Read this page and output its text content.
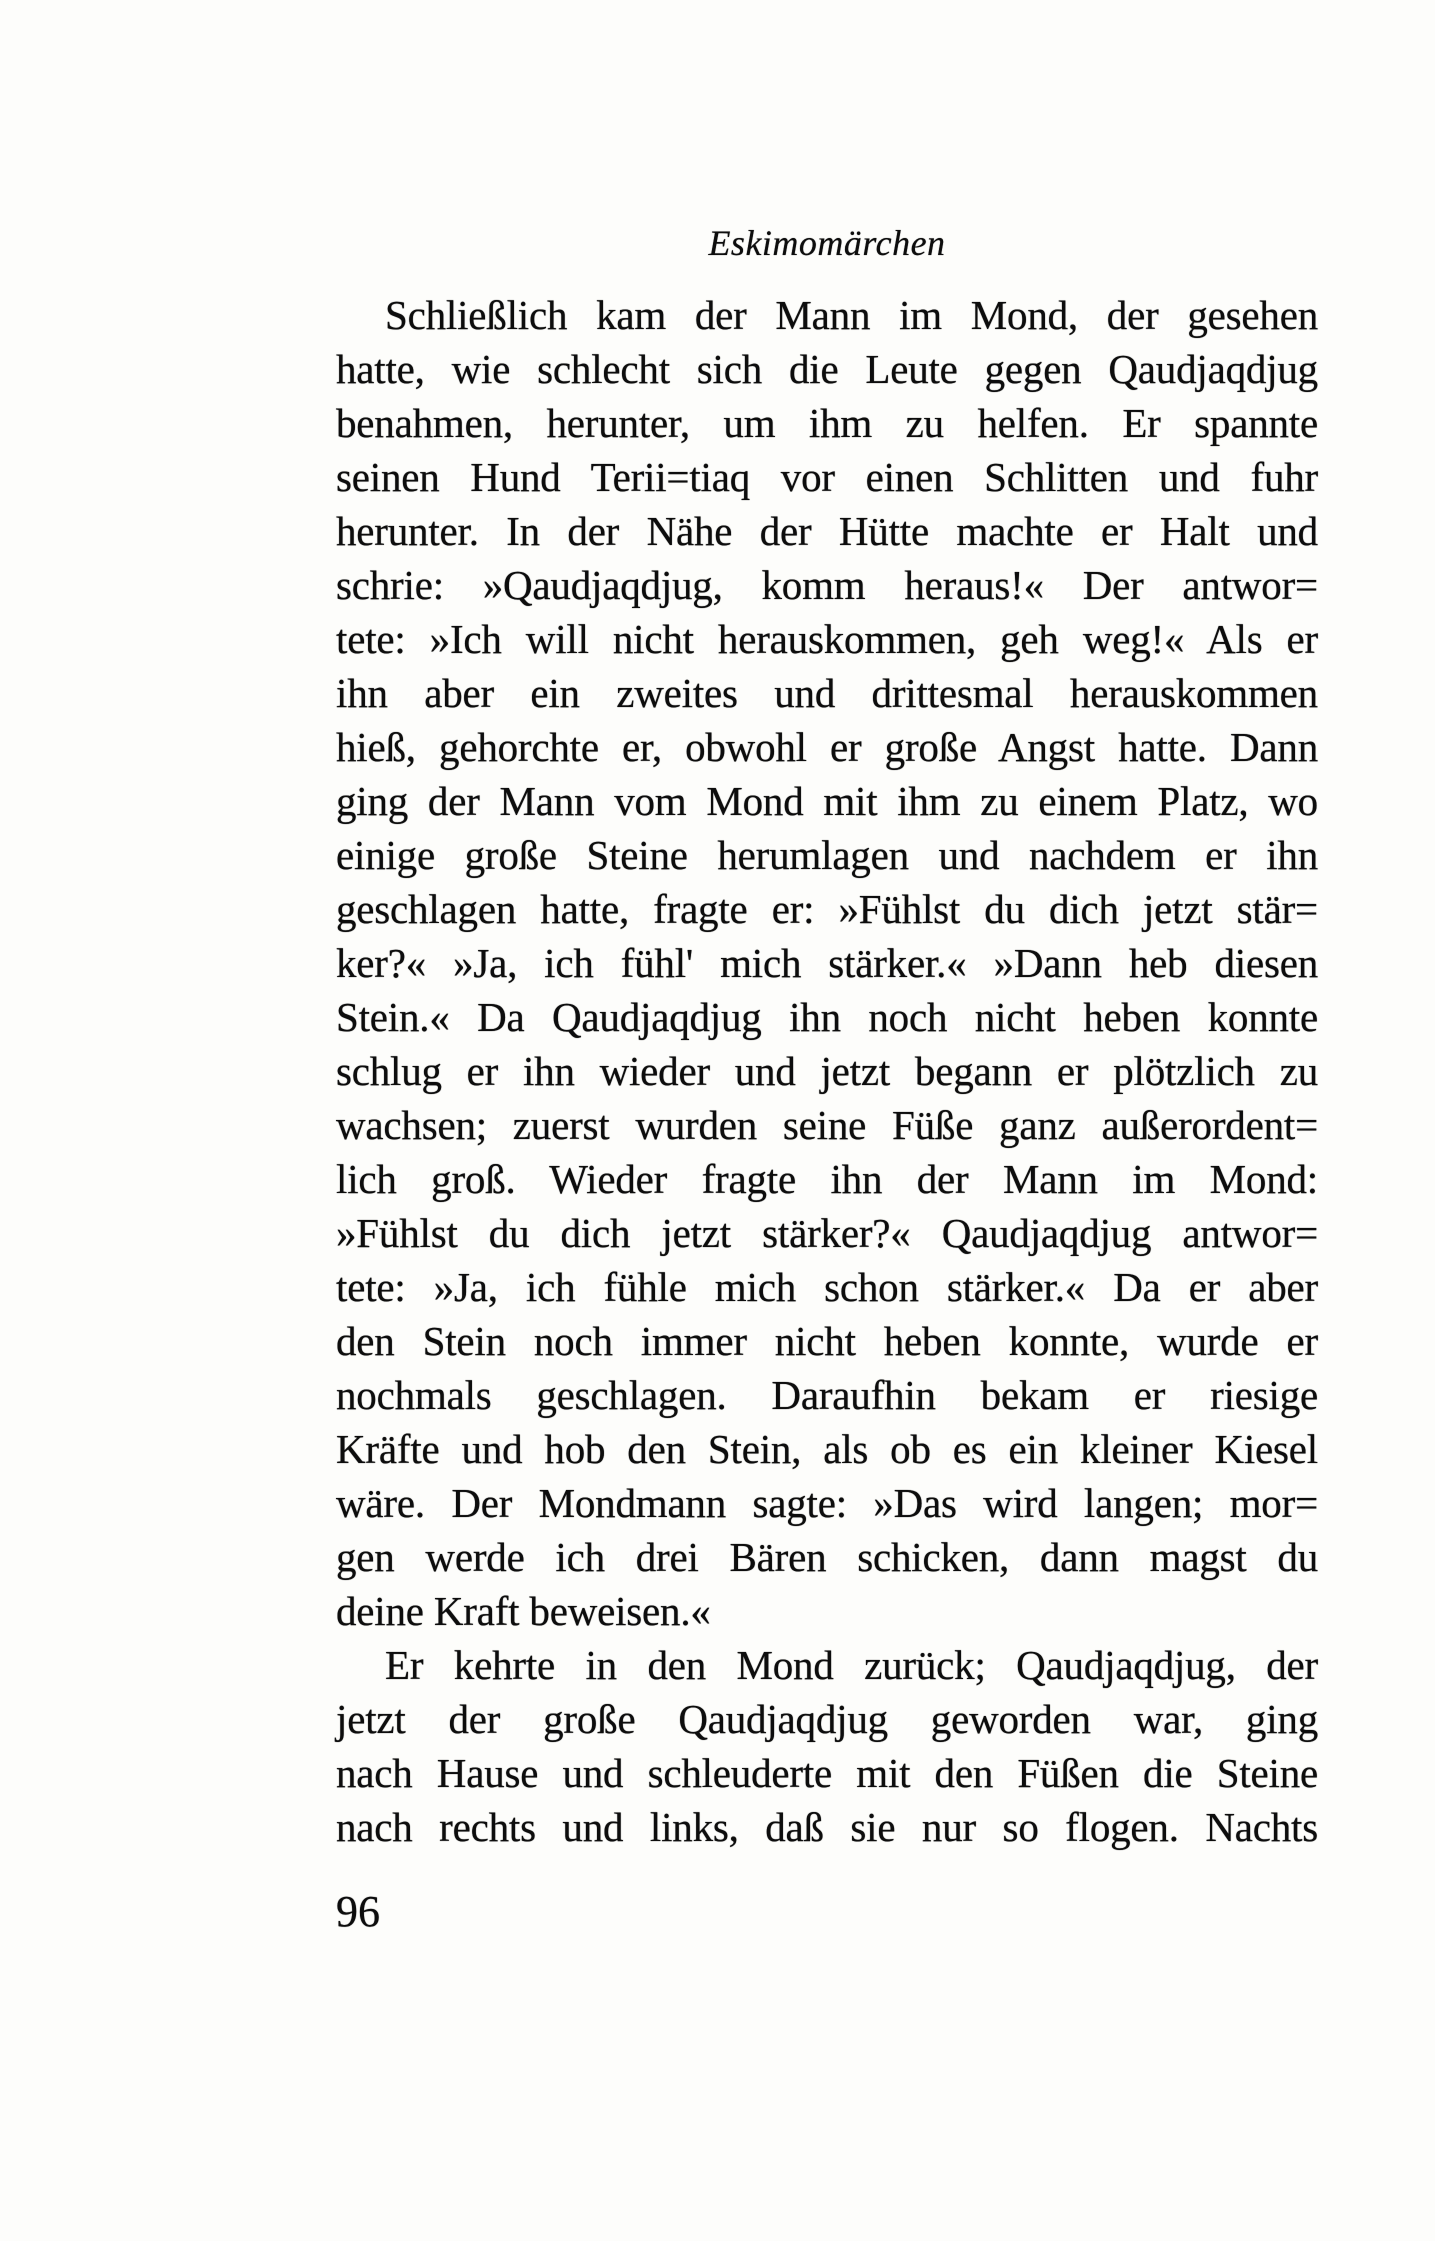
Eskimomärchen
Schließlich kam der Mann im Mond, der gesehen
hatte, wie schlecht sich die Leute gegen Qaudjaqdjug
benahmen, herunter, um ihm zu helfen. Er spannte
seinen Hund Terii=tiaq vor einen Schlitten und fuhr
herunter. In der Nähe der Hütte machte er Halt und
schrie: »Qaudjaqdjug, komm heraus!« Der antwor=
tete: »Ich will nicht herauskommen, geh weg!« Als er
ihn aber ein zweites und drittesmal herauskommen
hieß, gehorchte er, obwohl er große Angst hatte. Dann
ging der Mann vom Mond mit ihm zu einem Platz, wo
einige große Steine herumlagen und nachdem er ihn
geschlagen hatte, fragte er: »Fühlst du dich jetzt stär=
ker?« »Ja, ich fühl' mich stärker.« »Dann heb diesen
Stein.« Da Qaudjaqdjug ihn noch nicht heben konnte
schlug er ihn wieder und jetzt begann er plötzlich zu
wachsen; zuerst wurden seine Füße ganz außerordent=
lich groß. Wieder fragte ihn der Mann im Mond:
»Fühlst du dich jetzt stärker?« Qaudjaqdjug antwor=
tete: »Ja, ich fühle mich schon stärker.« Da er aber
den Stein noch immer nicht heben konnte, wurde er
nochmals geschlagen. Daraufhin bekam er riesige
Kräfte und hob den Stein, als ob es ein kleiner Kiesel
wäre. Der Mondmann sagte: »Das wird langen; mor=
gen werde ich drei Bären schicken, dann magst du
deine Kraft beweisen.«
Er kehrte in den Mond zurück; Qaudjaqdjug, der
jetzt der große Qaudjaqdjug geworden war, ging
nach Hause und schleuderte mit den Füßen die Steine
nach rechts und links, daß sie nur so flogen. Nachts
96
